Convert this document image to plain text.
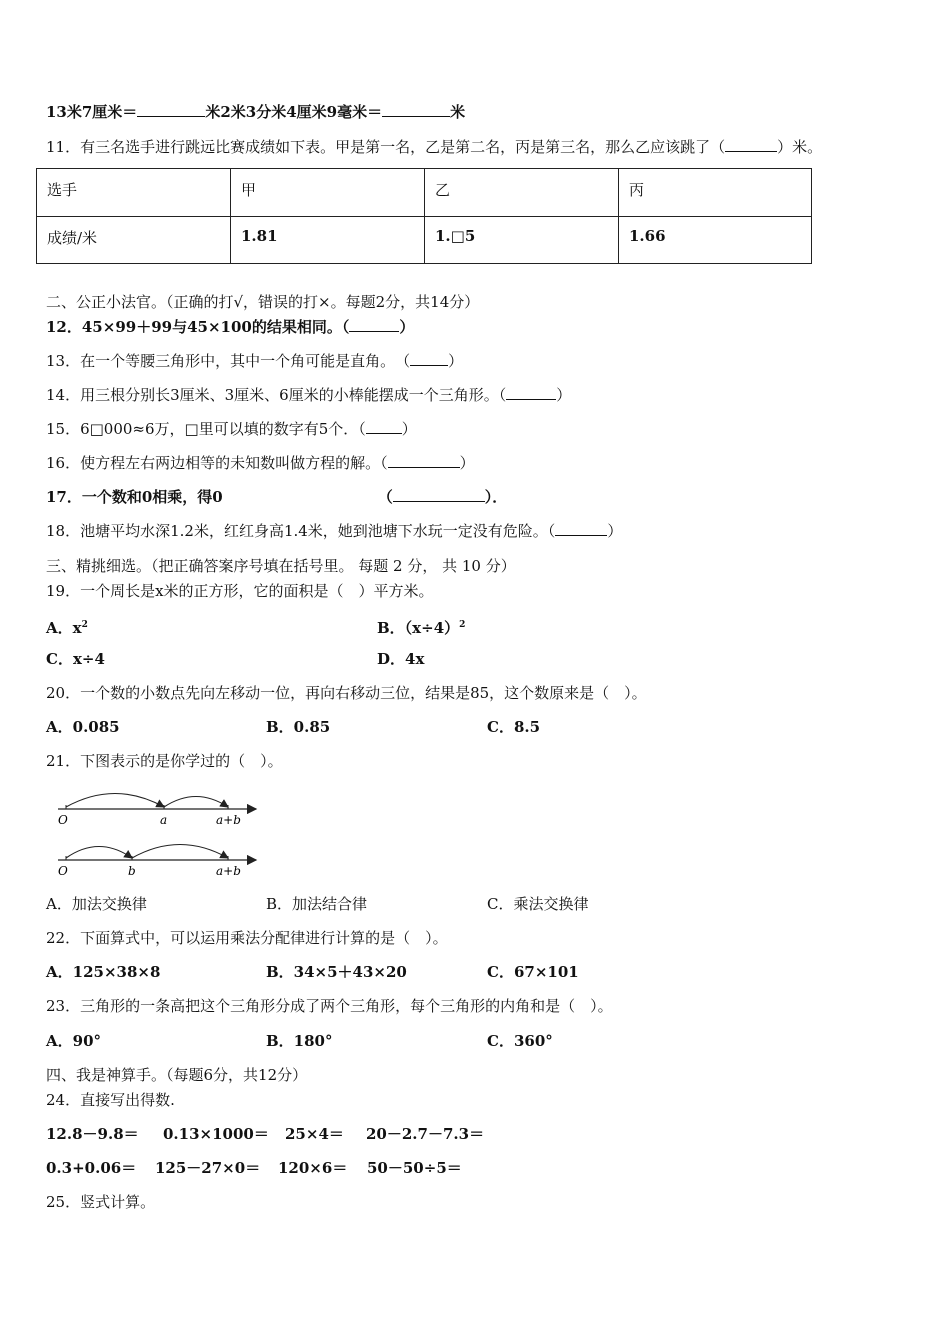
13米7厘米＝	米2米3分米4厘米9毫米＝	米
11．有三名选手进行跳远比赛成绩如下表。甲是第一名，乙是第二名，丙是第三名，那么乙应该跳了（	）米。
选手	甲	乙	丙
成绩/米	1.81	1.□5	1.66
二、公正小法官。（正确的打√，错误的打×。每题2分，共14分）
12．45×99＋99与45×100的结果相同。（	）
13．在一个等腰三角形中，其中一个角可能是直角。　（	）
14．用三根分别长3厘米、3厘米、6厘米的小棒能摆成一个三角形。（	）
15．6□000≈6万，□里可以填的数字有5个．（ ）
16．使方程左右两边相等的未知数叫做方程的解。（	）
17．一个数和0相乘，得0	（	）．
18．池塘平均水深1.2米，红红身高1.4米，她到池塘下水玩一定没有危险。（	）
三、精挑细选。（把正确答案序号填在括号里。 每题 2 分， 共 10 分）
19．一个周长是x米的正方形，它的面积是（　）平方米。
A．$x^2$	B．$(x\div 4)^2$
C．x÷4	D．4x
20．一个数的小数点先向左移动一位，再向右移动三位，结果是85，这个数原来是（　）。
A．0.085	B．0.85	C．8.5
21．下图表示的是你学过的（　）。
O	a	a+b
O	b	a+b
A．加法交换律	B．加法结合律	C．乘法交换律
22．下面算式中，可以运用乘法分配律进行计算的是（　）。
A．125×38×8	B．34×5＋43×20	C．67×101
23．三角形的一条高把这个三角形分成了两个三角形，每个三角形的内角和是（　）。
A．90°	B．180°	C．360°
四、我是神算手。（每题6分，共12分）
24．直接写出得数.
12.8－9.8＝ 0.13×1000＝ 25×4＝ 20－2.7－7.3＝
0.3+0.06＝ 125－27×0＝ 120×6＝ 50－50÷5＝
25．竖式计算。
